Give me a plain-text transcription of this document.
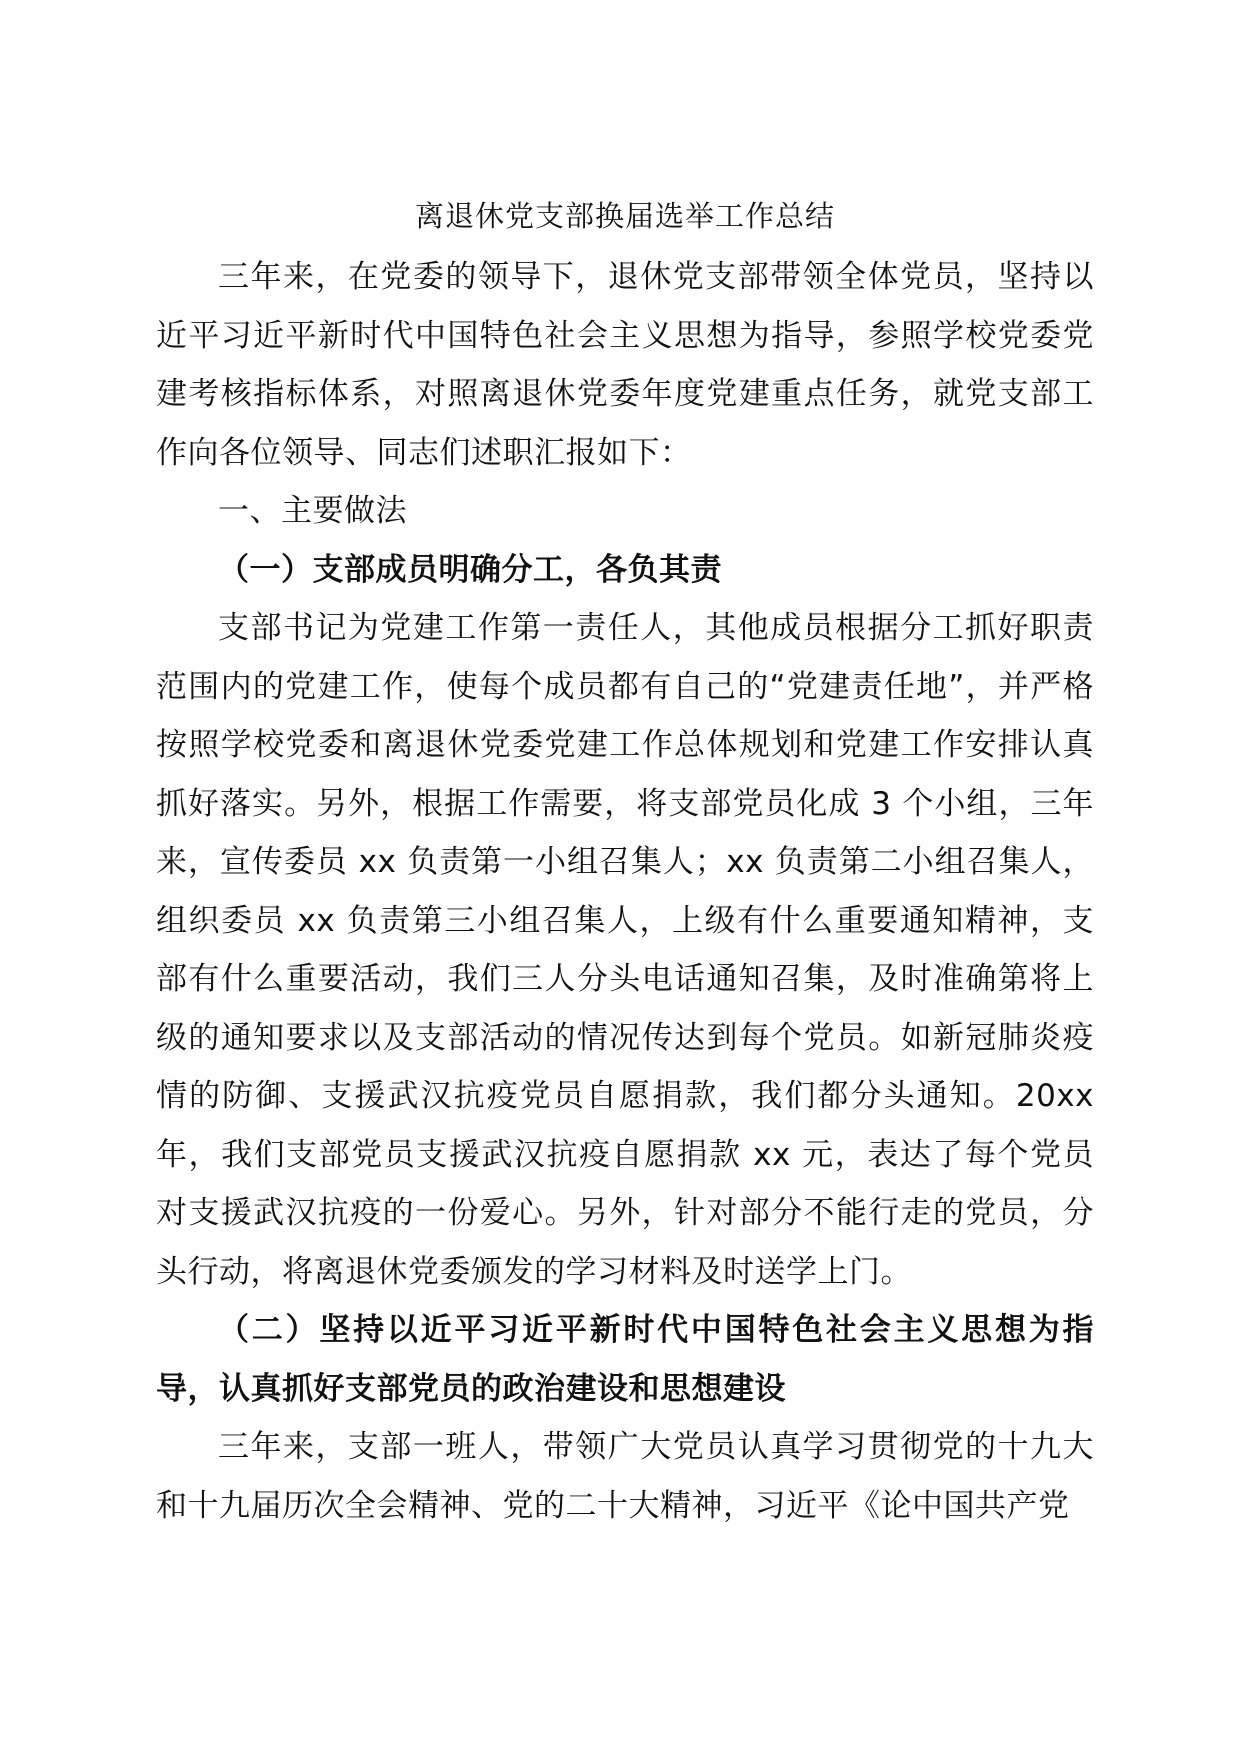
离退休党支部换届选举工作总结

三年来，在党委的领导下，退休党支部带领全体党员，坚持以近平习近平新时代中国特色社会主义思想为指导，参照学校党委党建考核指标体系，对照离退休党委年度党建重点任务，就党支部工作向各位领导、同志们述职汇报如下：

一、主要做法

（一）支部成员明确分工，各负其责

支部书记为党建工作第一责任人，其他成员根据分工抓好职责范围内的党建工作，使每个成员都有自己的“党建责任地”，并严格按照学校党委和离退休党委党建工作总体规划和党建工作安排认真抓好落实。另外，根据工作需要，将支部党员化成 3 个小组，三年来，宣传委员 xx 负责第一小组召集人；xx 负责第二小组召集人，组织委员 xx 负责第三小组召集人，上级有什么重要通知精神，支部有什么重要活动，我们三人分头电话通知召集，及时准确第将上级的通知要求以及支部活动的情况传达到每个党员。如新冠肺炎疫情的防御、支援武汉抗疫党员自愿捐款，我们都分头通知。20xx 年，我们支部党员支援武汉抗疫自愿捐款 xx 元，表达了每个党员对支援武汉抗疫的一份爱心。另外，针对部分不能行走的党员，分头行动，将离退休党委颁发的学习材料及时送学上门。

（二）坚持以近平习近平新时代中国特色社会主义思想为指导，认真抓好支部党员的政治建设和思想建设

三年来，支部一班人，带领广大党员认真学习贯彻党的十九大和十九届历次全会精神、党的二十大精神，习近平《论中国共产党
